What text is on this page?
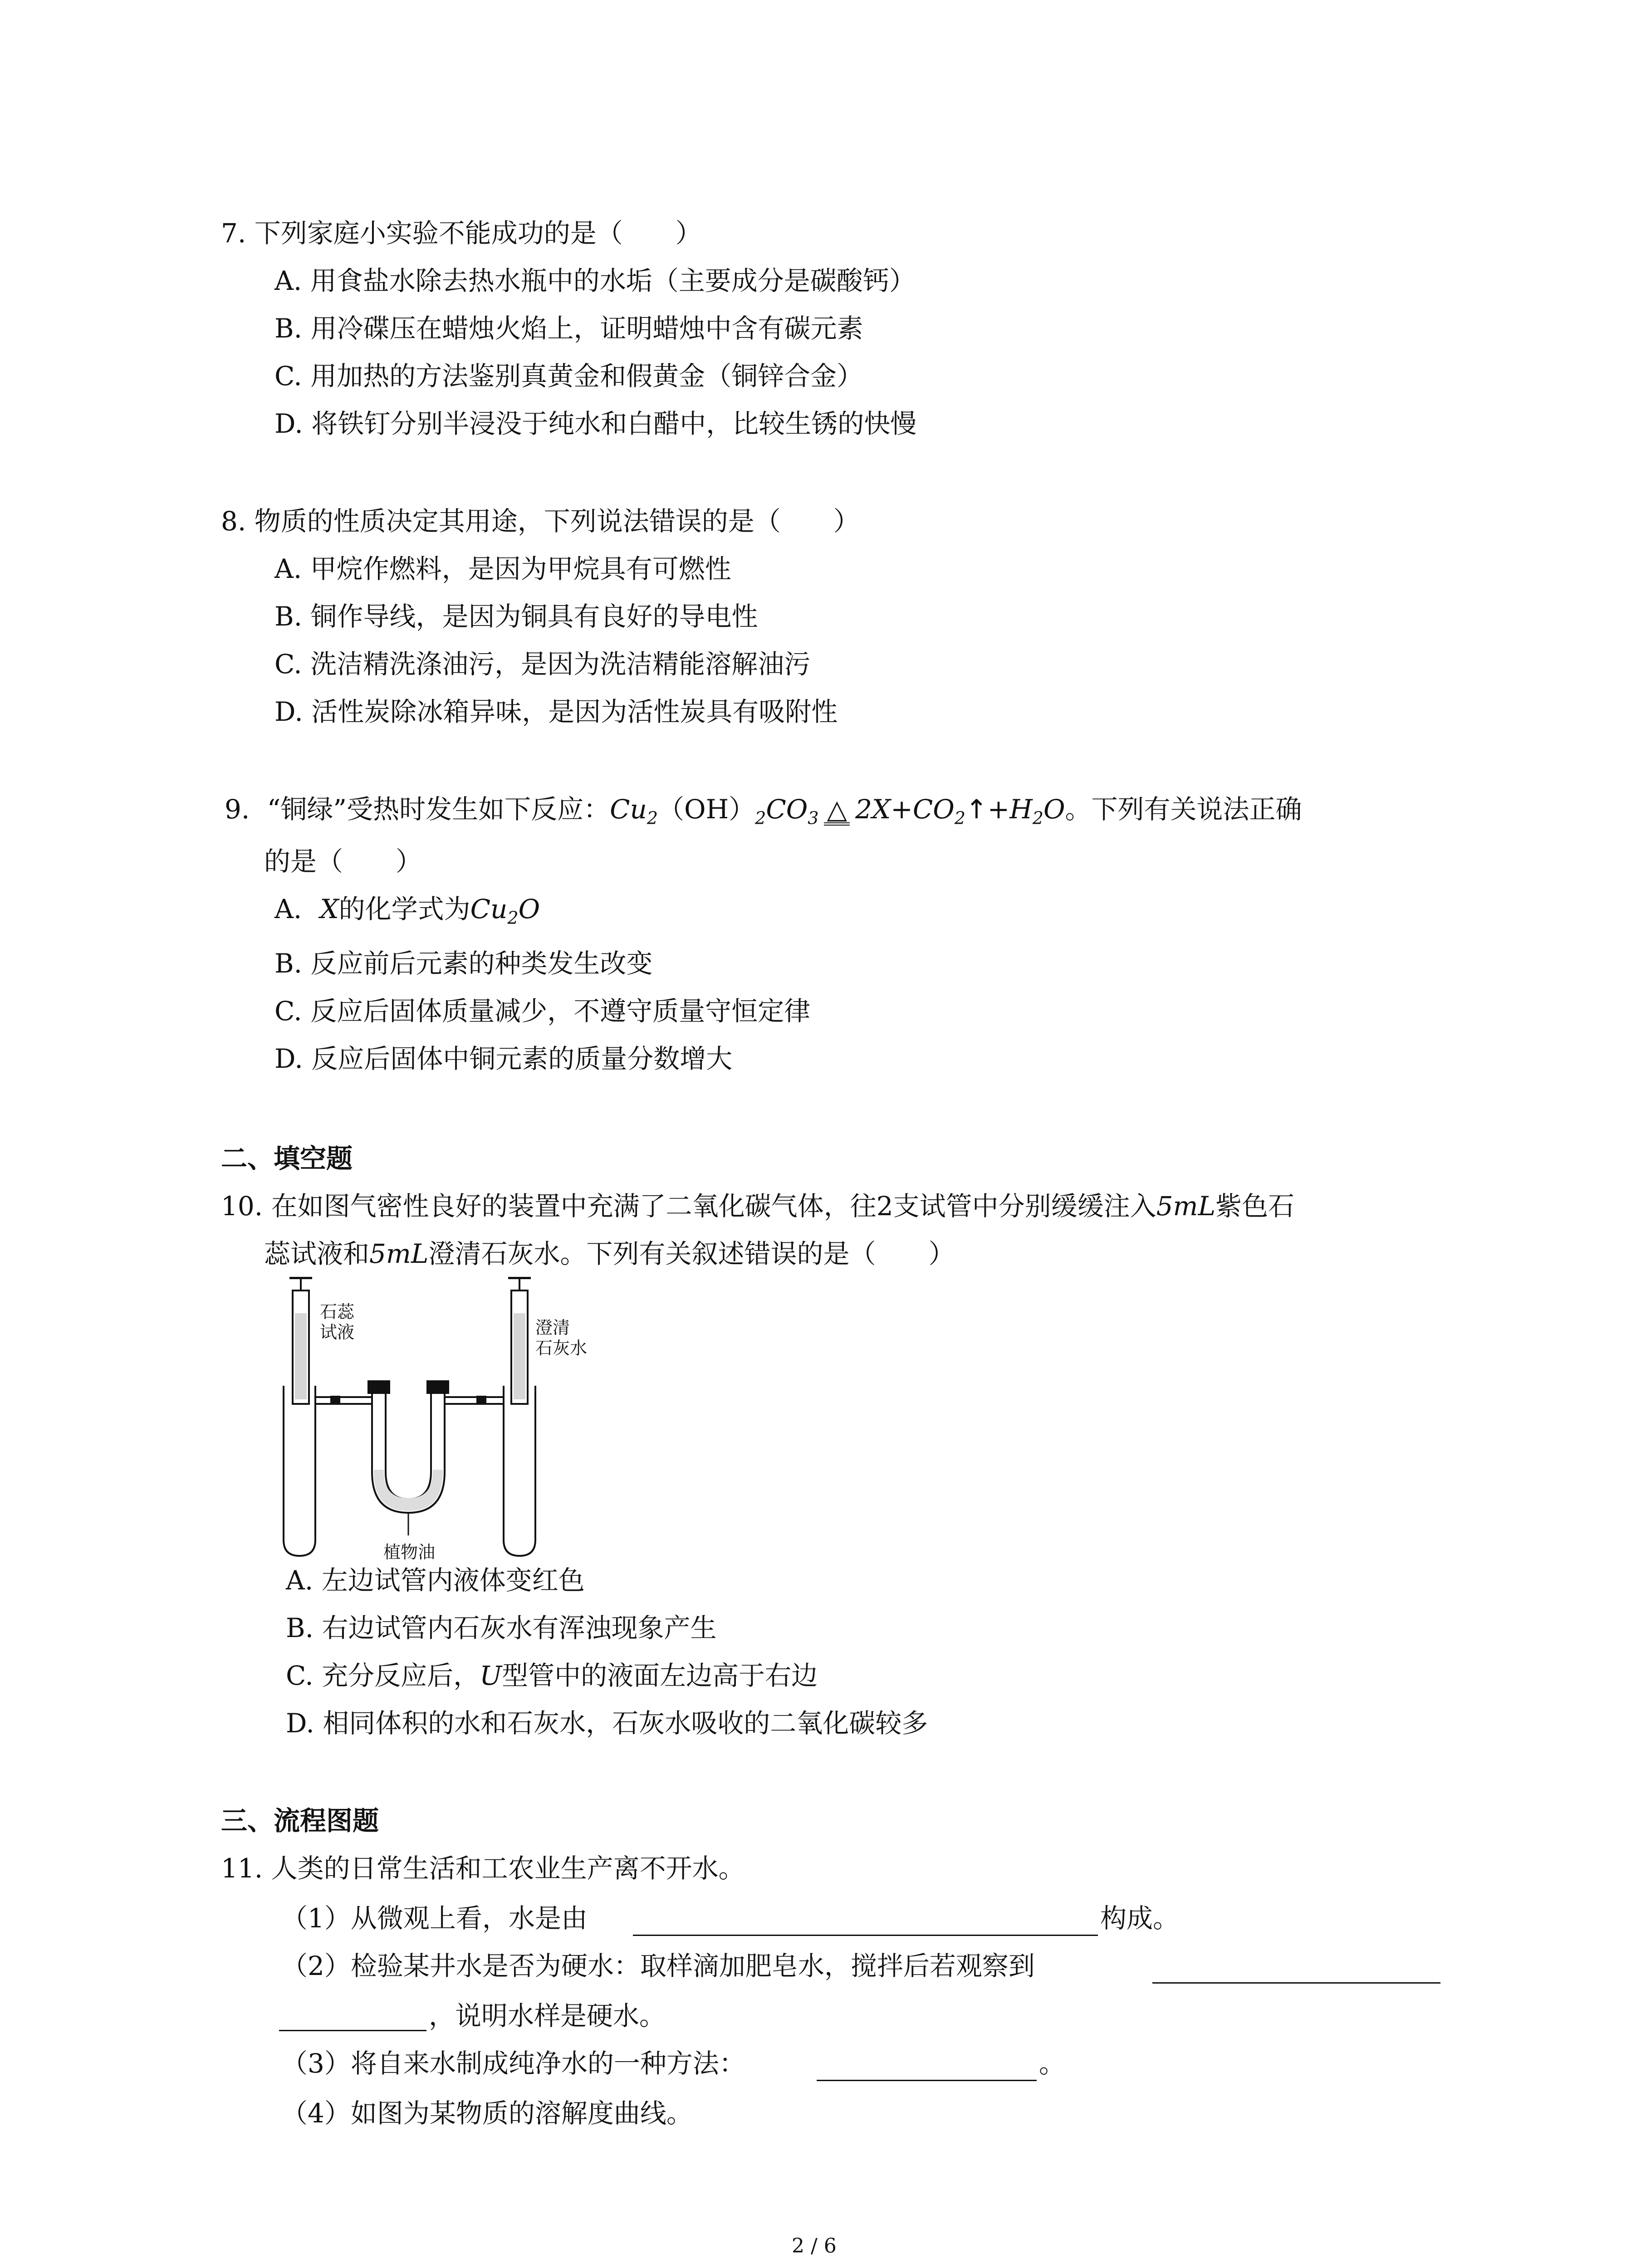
7. 下列家庭小实验不能成功的是（　　）
A. 用食盐水除去热水瓶中的水垢（主要成分是碳酸钙）
B. 用冷碟压在蜡烛火焰上，证明蜡烛中含有碳元素
C. 用加热的方法鉴别真黄金和假黄金（铜锌合金）
D. 将铁钉分别半浸没于纯水和白醋中，比较生锈的快慢
8. 物质的性质决定其用途，下列说法错误的是（　　）
A. 甲烷作燃料，是因为甲烷具有可燃性
B. 铜作导线，是因为铜具有良好的导电性
C. 洗洁精洗涤油污，是因为洗洁精能溶解油污
D. 活性炭除冰箱异味，是因为活性炭具有吸附性
9. “铜绿”受热时发生如下反应：$Cu_2(OH)_2CO_3$ △ $2X+CO_2↑+H_2O$。下列有关说法正确
的是（　　）
A. X的化学式为$Cu_2O$
B. 反应前后元素的种类发生改变
C. 反应后固体质量减少，不遵守质量守恒定律
D. 反应后固体中铜元素的质量分数增大
二、填空题
10. 在如图气密性良好的装置中充满了二氧化碳气体，往2支试管中分别缓缓注入5mL紫色石
蕊试液和5mL澄清石灰水。下列有关叙述错误的是（　　）
石蕊
试液	澄清
石灰水
植物油
A. 左边试管内液体变红色
B. 右边试管内石灰水有浑浊现象产生
C. 充分反应后，U型管中的液面左边高于右边
D. 相同体积的水和石灰水，石灰水吸收的二氧化碳较多
三、流程图题
11. 人类的日常生活和工农业生产离不开水。
（1）从微观上看，水是由	构成。
（2）检验某井水是否为硬水：取样滴加肥皂水，搅拌后若观察到
，说明水样是硬水。
（3）将自来水制成纯净水的一种方法：	。
（4）如图为某物质的溶解度曲线。
2 / 6
